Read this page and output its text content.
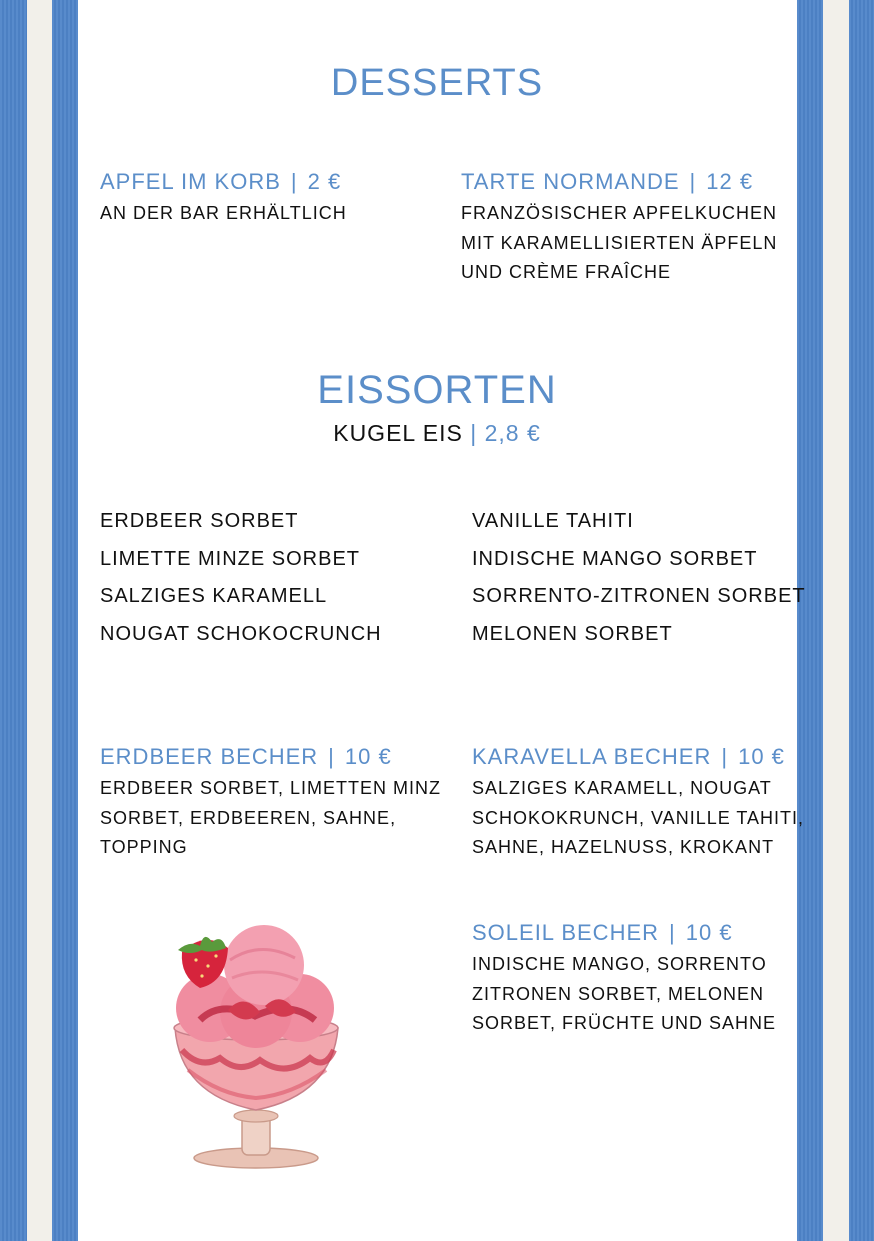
DESSERTS
APFEL IM KORB | 2 €
AN DER BAR ERHÄLTLICH
TARTE NORMANDE | 12 €
FRANZÖSISCHER APFELKUCHEN
MIT KARAMELLISIERTEN ÄPFELN
UND CRÈME FRAÎCHE
EISSORTEN
KUGEL EIS | 2,8 €
ERDBEER SORBET
LIMETTE MINZE SORBET
SALZIGES KARAMELL
NOUGAT SCHOKOCRUNCH
VANILLE TAHITI
INDISCHE MANGO SORBET
SORRENTO-ZITRONEN SORBET
MELONEN SORBET
ERDBEER BECHER | 10 €
ERDBEER SORBET, LIMETTEN MINZ
SORBET, ERDBEEREN, SAHNE,
TOPPING
KARAVELLA BECHER | 10 €
SALZIGES KARAMELL, NOUGAT
SCHOKOKRUNCH, VANILLE TAHITI,
SAHNE, HAZELNUSS, KROKANT
SOLEIL BECHER | 10 €
INDISCHE MANGO, SORRENTO
ZITRONEN SORBET, MELONEN
SORBET, FRÜCHTE UND SAHNE
